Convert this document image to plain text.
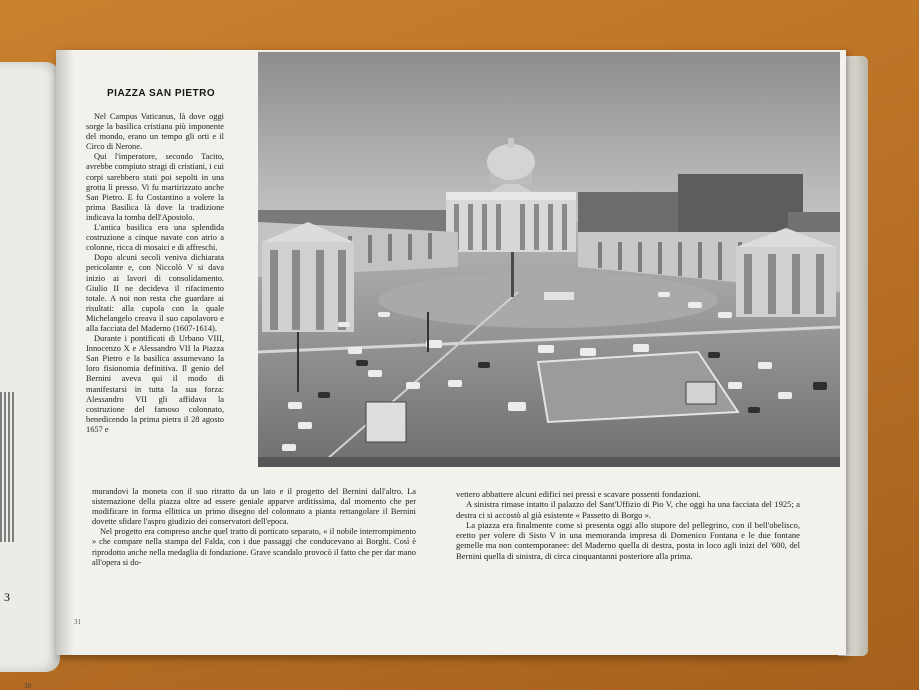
3
30
PIAZZA SAN PIETRO

Nel Campus Vaticanus, là dove oggi sorge la basilica cristiana più imponente del mondo, erano un tempo gli orti e il Circo di Nerone.

Qui l'imperatore, secondo Tacito, avrebbe compiuto stragi di cristiani, i cui corpi sarebbero stati poi sepolti in una grotta lì presso. Vi fu martirizzato anche San Pietro. E fu Costantino a volere la prima Basilica là dove la tradizione indicava la tomba dell'Apostolo.

L'antica basilica era una splendida costruzione a cinque navate con atrio a colonne, ricca di mosaici e di affreschi.

Dopo alcuni secoli veniva dichiarata pericolante e, con Niccolò V si dava inizio ai lavori di consolidamento. Giulio II ne decideva il rifacimento totale. A noi non resta che guardare ai risultati: alla cupola con la quale Michelangelo creava il suo capolavoro e alla facciata del Maderno (1607-1614).

Durante i pontificati di Urbano VIII, Innocenzo X e Alessandro VII la Piazza San Pietro e la basilica assumevano la loro fisionomia definitiva. Il genio del Bernini aveva qui il modo di manifestarsi in tutta la sua forza: Alessandro VII gli affidava la costruzione del famoso colonnato, benedicendo la prima pietra il 28 agosto 1657 e

murandovi la moneta con il suo ritratto da un lato e il progetto del Bernini dall'altro. La sistemazione della piazza oltre ad essere geniale apparve arditissima, dal momento che per modificare in forma ellittica un primo disegno del colonnato a pianta rettangolare il Bernini dovette sfidare l'aspro giudizio dei conservatori dell'epoca.

Nel progetto era compreso anche quel tratto di porticato separato, « il nobile interrompimento » che compare nella stampa del Falda, con i due passaggi che conducevano ai Borghi. Così è riprodotto anche nella medaglia di fondazione. Grave scandalo provocò il fatto che per dar mano all'opera si do-

vettero abbattere alcuni edifici nei pressi e scavare possenti fondazioni.

A sinistra rimase intatto il palazzo del Sant'Uffizio di Pio V, che oggi ha una facciata del 1925; a destra ci si accostò al già esistente « Passetto di Borgo ».

La piazza era finalmente come si presenta oggi allo stupore del pellegrino, con il bell'obelisco, eretto per volere di Sisto V in una memoranda impresa di Domenico Fontana e le due fontane gemelle ma non contemporanee: del Maderno quella di destra, posta in loco agli inizi del '600, del Bernini quella di sinistra, di circa cinquantanni posteriore alla prima.

31
